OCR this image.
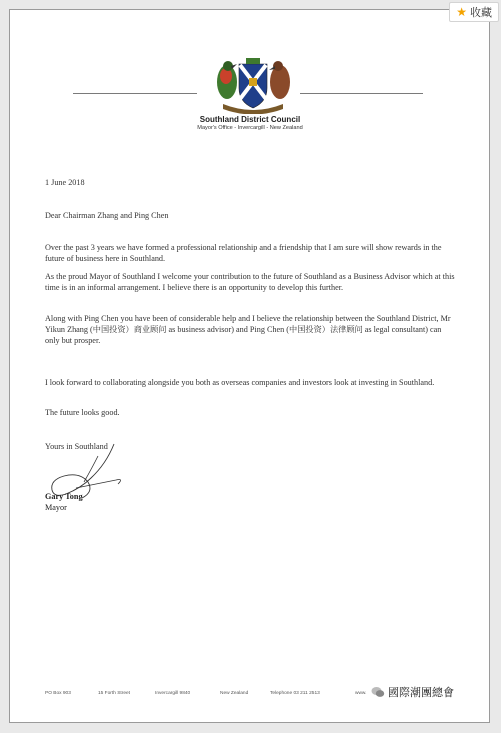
★ 收藏
Southland District Council
Mayor's Office - Invercargill - New Zealand
1 June 2018
Dear Chairman Zhang and Ping Chen
Over the past 3 years we have formed a professional relationship and a friendship that I am sure will show rewards in the future of business here in Southland.
As the proud Mayor of Southland I welcome your contribution to the future of Southland as a Business Advisor which at this time is in an informal arrangement. I believe there is an opportunity to develop this further.
Along with Ping Chen you have been of considerable help and I believe the relationship between the Southland District, Mr Yikun Zhang (中国投资）商业顾问 as business advisor) and Ping Chen (中国投资）法律顾问 as legal consultant) can only but prosper.
I look forward to collaborating alongside you both as overseas companies and investors look at investing in Southland.
The future looks good.
Yours in Southland
Gary Tong
Mayor
PO Box 903	15 Forth Street	Invercargill 9840	New Zealand	Telephone 03 211 2513	www. 國際潮團總會
